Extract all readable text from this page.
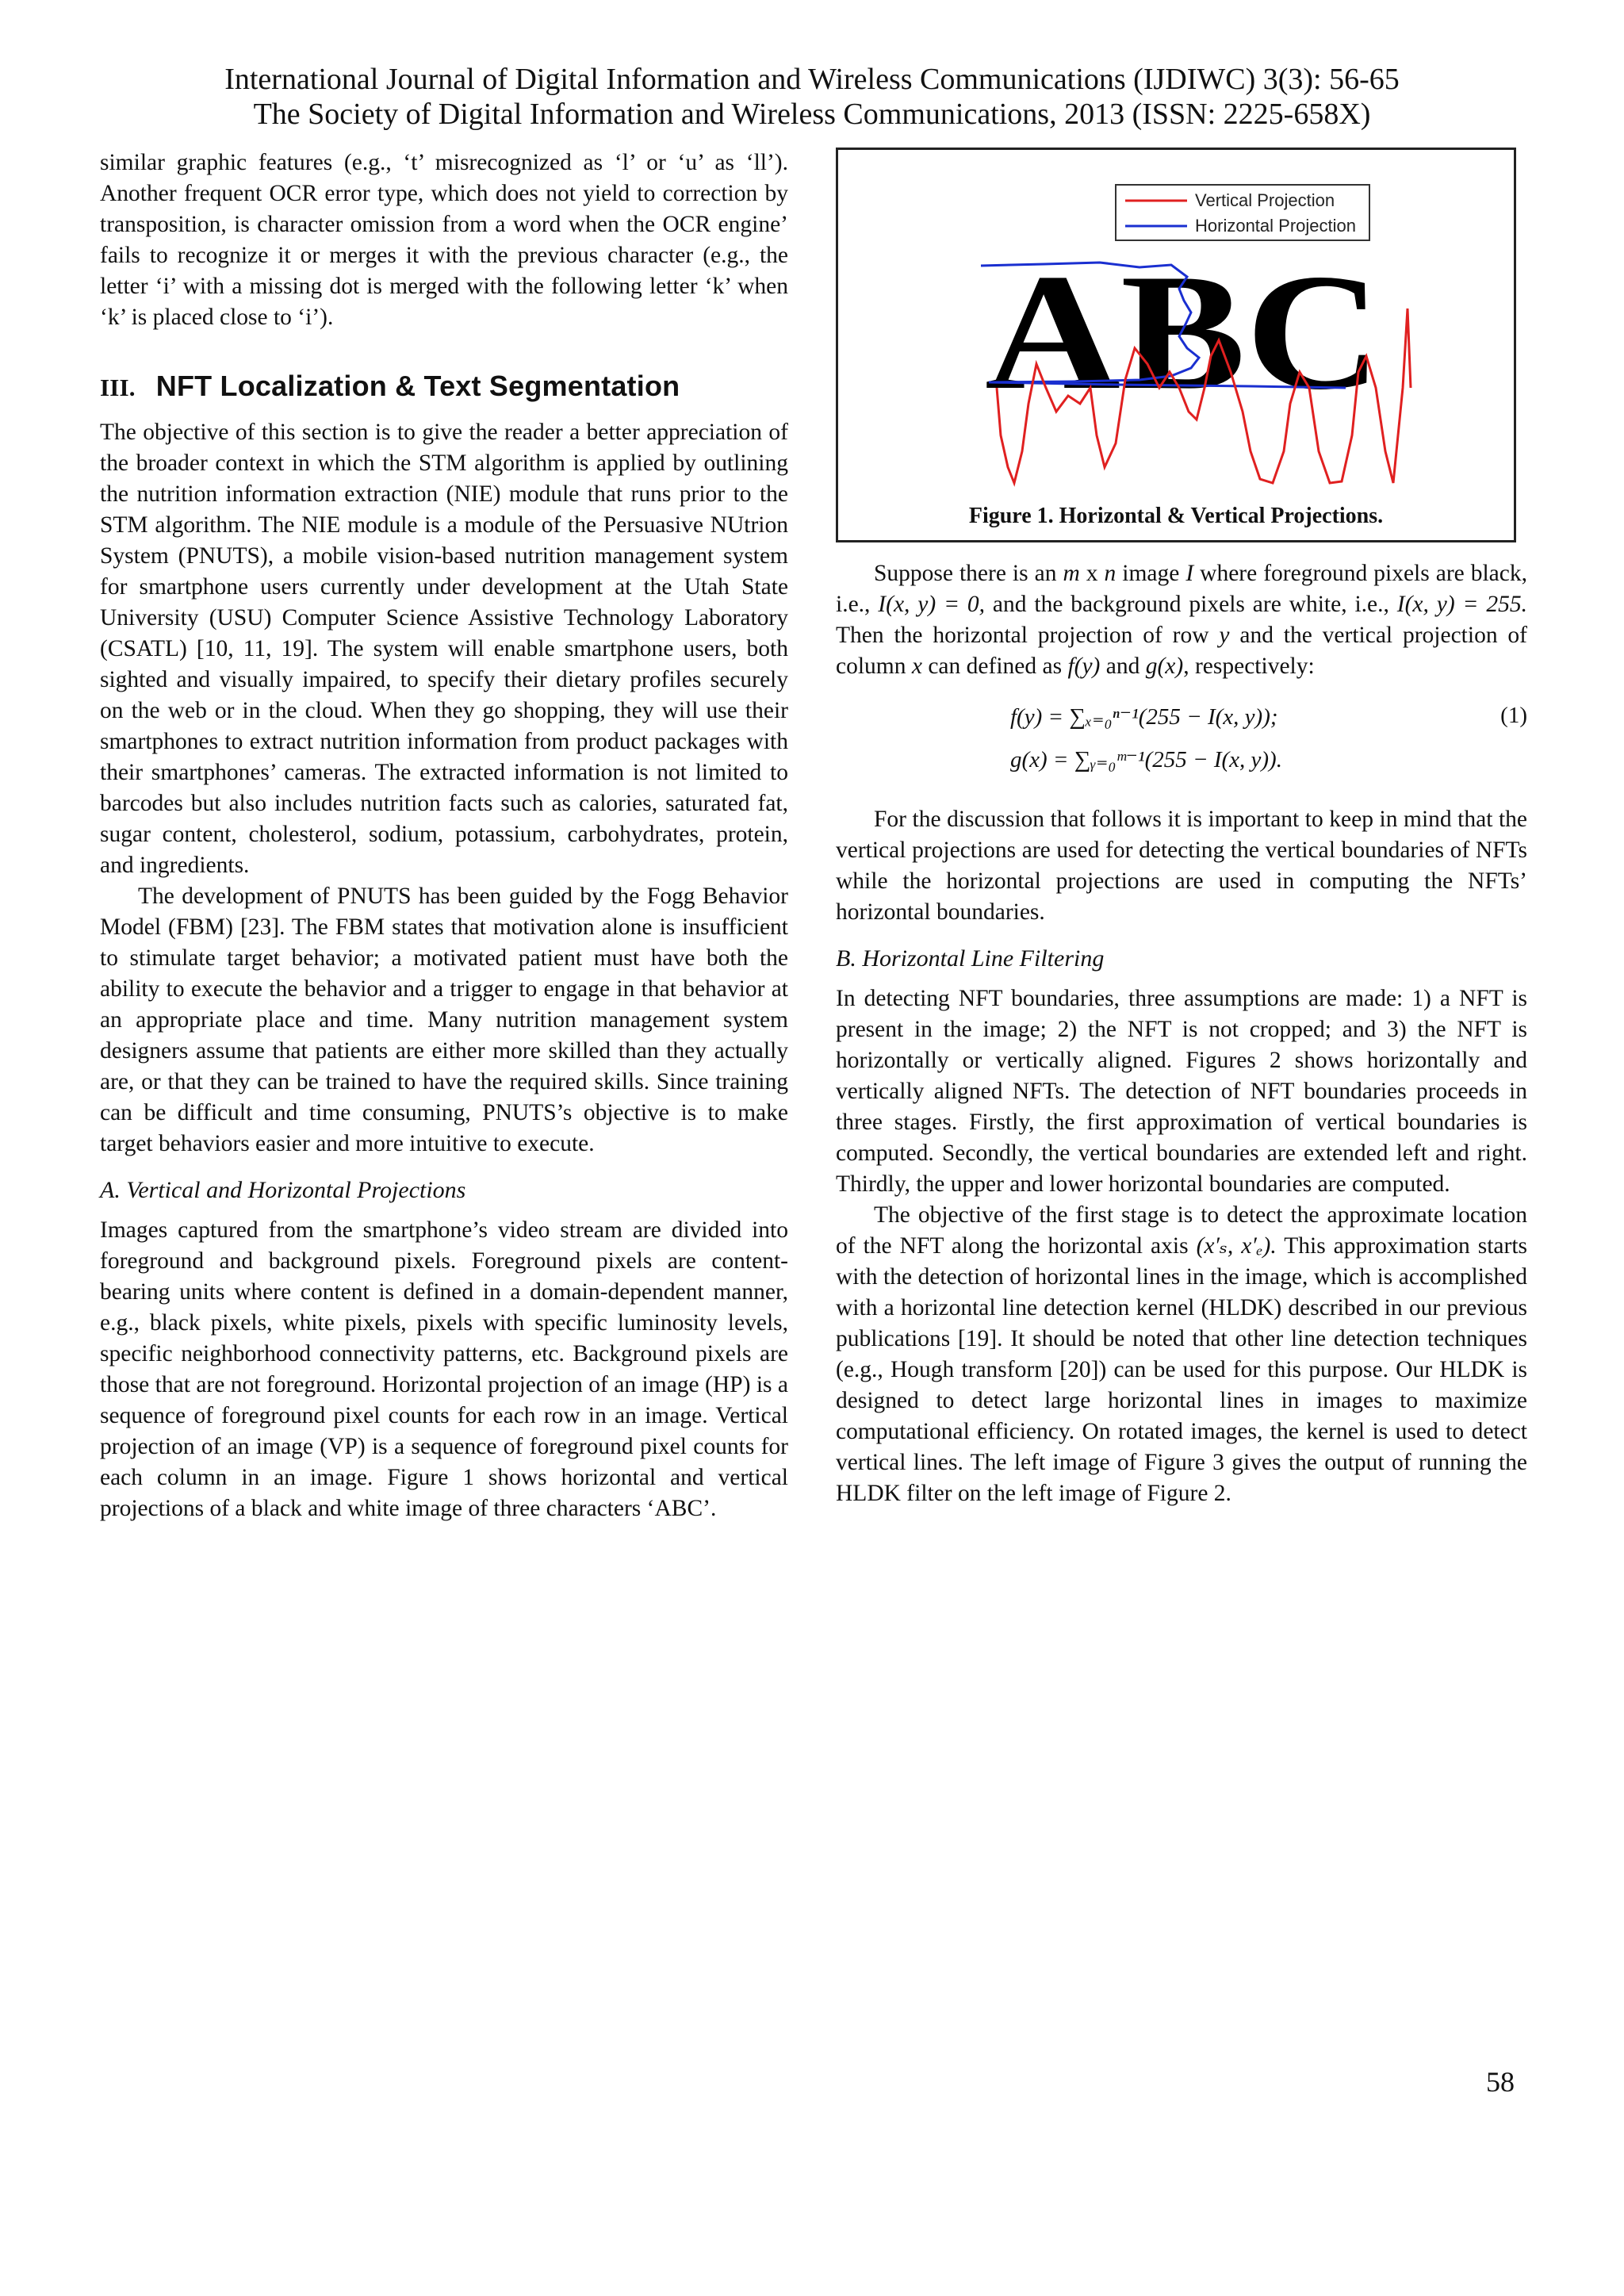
International Journal of Digital Information and Wireless Communications (IJDIWC) 3(3): 56-65
The Society of Digital Information and Wireless Communications, 2013 (ISSN: 2225-658X)

similar graphic features (e.g., ‘t’ misrecognized as ‘l’ or ‘u’ as ‘ll’). Another frequent OCR error type, which does not yield to correction by transposition, is character omission from a word when the OCR engine’ fails to recognize it or merges it with the previous character (e.g., the letter ‘i’ with a missing dot is merged with the following letter ‘k’ when ‘k’ is placed close to ‘i’).

III. NFT Localization & Text Segmentation

The objective of this section is to give the reader a better appreciation of the broader context in which the STM algorithm is applied by outlining the nutrition information extraction (NIE) module that runs prior to the STM algorithm. The NIE module is a module of the Persuasive NUtrion System (PNUTS), a mobile vision-based nutrition management system for smartphone users currently under development at the Utah State University (USU) Computer Science Assistive Technology Laboratory (CSATL) [10, 11, 19]. The system will enable smartphone users, both sighted and visually impaired, to specify their dietary profiles securely on the web or in the cloud. When they go shopping, they will use their smartphones to extract nutrition information from product packages with their smartphones’ cameras. The extracted information is not limited to barcodes but also includes nutrition facts such as calories, saturated fat, sugar content, cholesterol, sodium, potassium, carbohydrates, protein, and ingredients.

The development of PNUTS has been guided by the Fogg Behavior Model (FBM) [23]. The FBM states that motivation alone is insufficient to stimulate target behavior; a motivated patient must have both the ability to execute the behavior and a trigger to engage in that behavior at an appropriate place and time. Many nutrition management system designers assume that patients are either more skilled than they actually are, or that they can be trained to have the required skills. Since training can be difficult and time consuming, PNUTS’s objective is to make target behaviors easier and more intuitive to execute.

A. Vertical and Horizontal Projections

Images captured from the smartphone’s video stream are divided into foreground and background pixels. Foreground pixels are content-bearing units where content is defined in a domain-dependent manner, e.g., black pixels, white pixels, pixels with specific luminosity levels, specific neighborhood connectivity patterns, etc. Background pixels are those that are not foreground. Horizontal projection of an image (HP) is a sequence of foreground pixel counts for each row in an image. Vertical projection of an image (VP) is a sequence of foreground pixel counts for each column in an image. Figure 1 shows horizontal and vertical projections of a black and white image of three characters ‘ABC’.

Vertical Projection
Horizontal Projection
ABC
Figure 1. Horizontal & Vertical Projections.

Suppose there is an m x n image I where foreground pixels are black, i.e., I(x, y) = 0, and the background pixels are white, i.e., I(x, y) = 255. Then the horizontal projection of row y and the vertical projection of column x can defined as f(y) and g(x), respectively:

f(y) = ∑ₓ₌₀ⁿ⁻¹(255 − I(x, y));
g(x) = ∑ᵧ₌₀ᵐ⁻¹(255 − I(x, y)).
(1)

For the discussion that follows it is important to keep in mind that the vertical projections are used for detecting the vertical boundaries of NFTs while the horizontal projections are used in computing the NFTs’ horizontal boundaries.

B. Horizontal Line Filtering

In detecting NFT boundaries, three assumptions are made: 1) a NFT is present in the image; 2) the NFT is not cropped; and 3) the NFT is horizontally or vertically aligned. Figures 2 shows horizontally and vertically aligned NFTs. The detection of NFT boundaries proceeds in three stages. Firstly, the first approximation of vertical boundaries is computed. Secondly, the vertical boundaries are extended left and right. Thirdly, the upper and lower horizontal boundaries are computed.

The objective of the first stage is to detect the approximate location of the NFT along the horizontal axis (x′ₛ, x′ₑ). This approximation starts with the detection of horizontal lines in the image, which is accomplished with a horizontal line detection kernel (HLDK) described in our previous publications [19]. It should be noted that other line detection techniques (e.g., Hough transform [20]) can be used for this purpose. Our HLDK is designed to detect large horizontal lines in images to maximize computational efficiency. On rotated images, the kernel is used to detect vertical lines. The left image of Figure 3 gives the output of running the HLDK filter on the left image of Figure 2.

58
